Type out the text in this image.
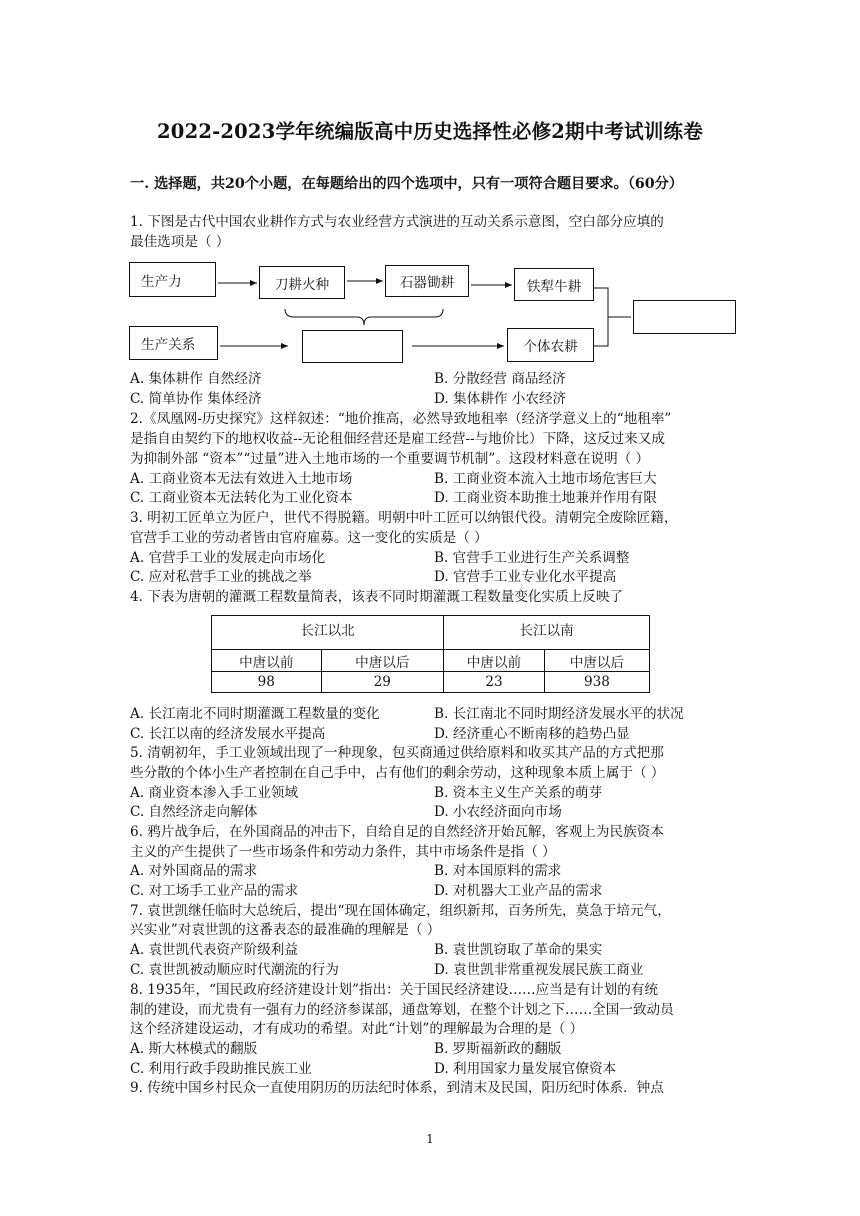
2022-2023学年统编版高中历史选择性必修2期中考试训练卷
一. 选择题，共20个小题，在每题给出的四个选项中，只有一项符合题目要求。（60分）
1. 下图是古代中国农业耕作方式与农业经营方式演进的互动关系示意图，空白部分应填的
最佳选项是（ ）
生产力	刀耕火种	石器锄耕	铁犁牛耕
生产关系	个体农耕
A. 集体耕作 自然经济	B. 分散经营 商品经济
C. 简单协作 集体经济	D. 集体耕作 小农经济
2.《凤凰网-历史探究》这样叙述：“地价推高，必然导致地租率（经济学意义上的“地租率”
是指自由契约下的地权收益--无论租佃经营还是雇工经营--与地价比）下降，这反过来又成
为抑制外部 “资本”“过量”进入土地市场的一个重要调节机制”。这段材料意在说明（ ）
A. 工商业资本无法有效进入土地市场	B. 工商业资本流入土地市场危害巨大
C. 工商业资本无法转化为工业化资本	D. 工商业资本助推土地兼并作用有限
3. 明初工匠单立为匠户，世代不得脱籍。明朝中叶工匠可以纳银代役。清朝完全废除匠籍，
官营手工业的劳动者皆由官府雇募。这一变化的实质是（ ）
A. 官营手工业的发展走向市场化	B. 官营手工业进行生产关系调整
C. 应对私营手工业的挑战之举	D. 官营手工业专业化水平提高
4. 下表为唐朝的灌溉工程数量简表，该表不同时期灌溉工程数量变化实质上反映了
长江以北		长江以南	
中唐以前	中唐以后	中唐以前	中唐以后
98	29	23	938
A. 长江南北不同时期灌溉工程数量的变化	B. 长江南北不同时期经济发展水平的状况
C. 长江以南的经济发展水平提高	D. 经济重心不断南移的趋势凸显
5. 清朝初年，手工业领域出现了一种现象，包买商通过供给原料和收买其产品的方式把那
些分散的个体小生产者控制在自己手中，占有他们的剩余劳动，这种现象本质上属于（ ）
A. 商业资本渗入手工业领域	B. 资本主义生产关系的萌芽
C. 自然经济走向解体	D. 小农经济面向市场
6. 鸦片战争后，在外国商品的冲击下，自给自足的自然经济开始瓦解，客观上为民族资本
主义的产生提供了一些市场条件和劳动力条件，其中市场条件是指（ ）
A. 对外国商品的需求	B. 对本国原料的需求
C. 对工场手工业产品的需求	D. 对机器大工业产品的需求
7. 袁世凯继任临时大总统后，提出“现在国体确定，组织新邦，百务所先，莫急于培元气，
兴实业”对袁世凯的这番表态的最准确的理解是（ ）
A. 袁世凯代表资产阶级利益	B. 袁世凯窃取了革命的果实
C. 袁世凯被动顺应时代潮流的行为	D. 袁世凯非常重视发展民族工商业
8. 1935年，“国民政府经济建设计划”指出：关于国民经济建设……应当是有计划的有统
制的建设，而尤贵有一强有力的经济参谋部，通盘筹划，在整个计划之下……全国一致动员
这个经济建设运动，才有成功的希望。对此“计划”的理解最为合理的是（ ）
A. 斯大林模式的翻版	B. 罗斯福新政的翻版
C. 利用行政手段助推民族工业	D. 利用国家力量发展官僚资本
9. 传统中国乡村民众一直使用阴历的历法纪时体系，到清末及民国，阳历纪时体系．钟点
1
